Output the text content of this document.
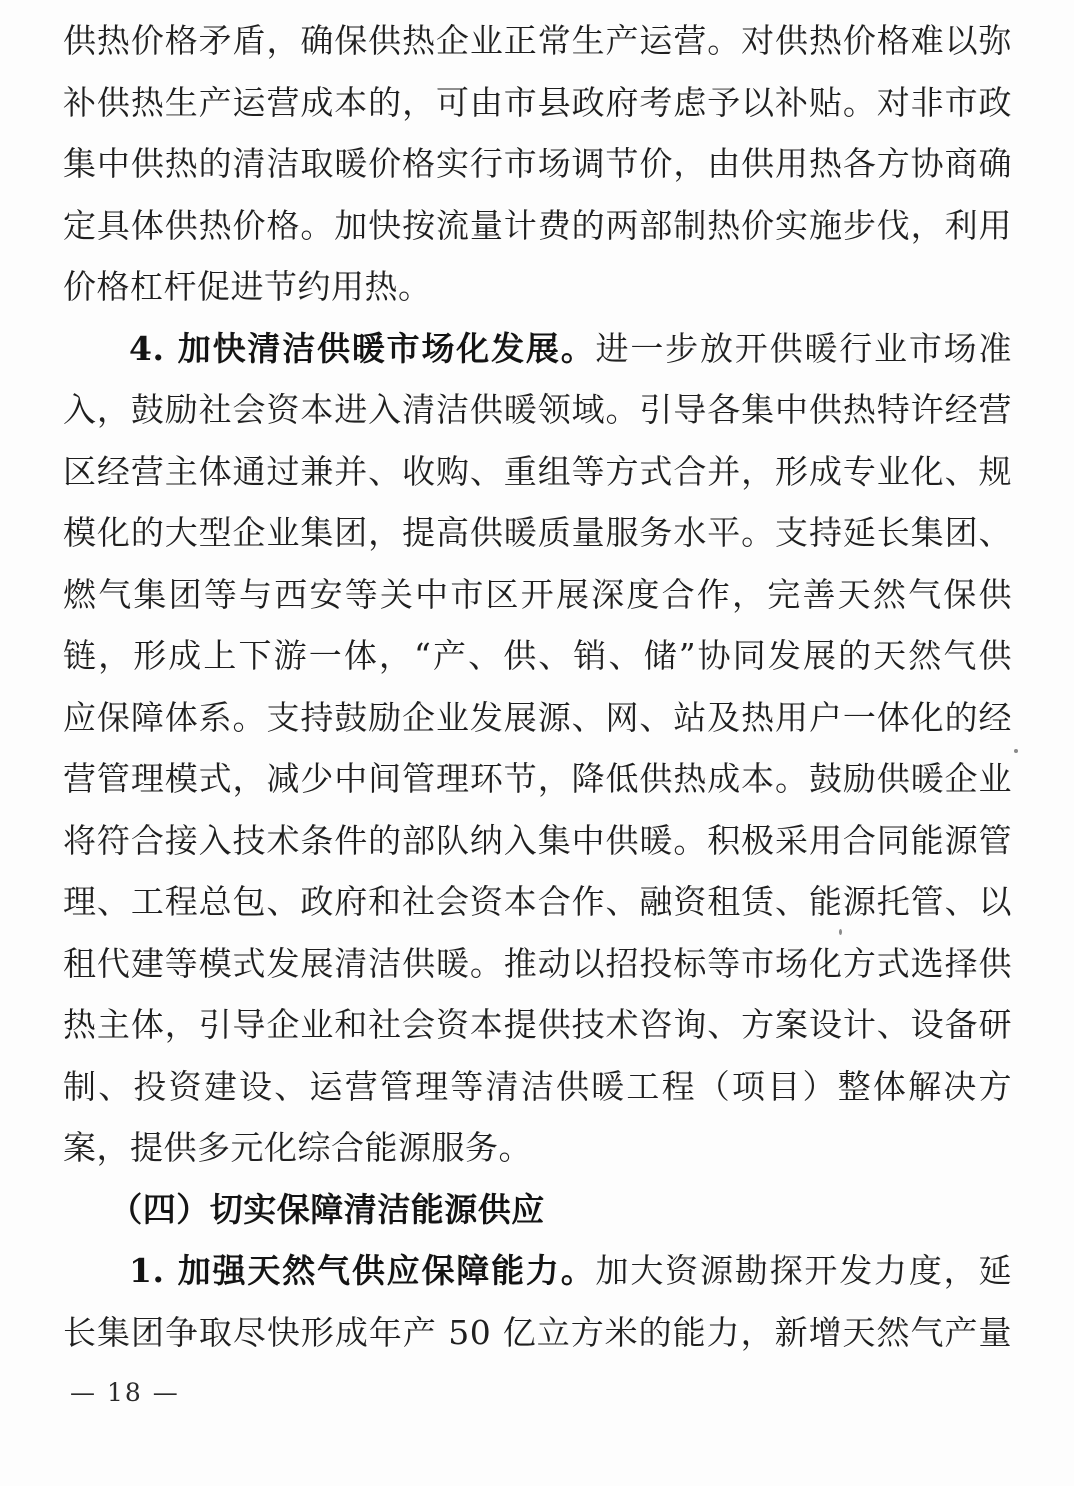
供热价格矛盾，确保供热企业正常生产运营。对供热价格难以弥
补供热生产运营成本的，可由市县政府考虑予以补贴。对非市政
集中供热的清洁取暖价格实行市场调节价，由供用热各方协商确
定具体供热价格。加快按流量计费的两部制热价实施步伐，利用
价格杠杆促进节约用热。
4. 加快清洁供暖市场化发展。进一步放开供暖行业市场准
入，鼓励社会资本进入清洁供暖领域。引导各集中供热特许经营
区经营主体通过兼并、收购、重组等方式合并，形成专业化、规
模化的大型企业集团，提高供暖质量服务水平。支持延长集团、
燃气集团等与西安等关中市区开展深度合作，完善天然气保供
链，形成上下游一体，“产、供、销、储”协同发展的天然气供
应保障体系。支持鼓励企业发展源、网、站及热用户一体化的经
营管理模式，减少中间管理环节，降低供热成本。鼓励供暖企业
将符合接入技术条件的部队纳入集中供暖。积极采用合同能源管
理、工程总包、政府和社会资本合作、融资租赁、能源托管、以
租代建等模式发展清洁供暖。推动以招投标等市场化方式选择供
热主体，引导企业和社会资本提供技术咨询、方案设计、设备研
制、投资建设、运营管理等清洁供暖工程（项目）整体解决方
案，提供多元化综合能源服务。
（四）切实保障清洁能源供应
1. 加强天然气供应保障能力。加大资源勘探开发力度，延
长集团争取尽快形成年产 50 亿立方米的能力，新增天然气产量
— 18 —
